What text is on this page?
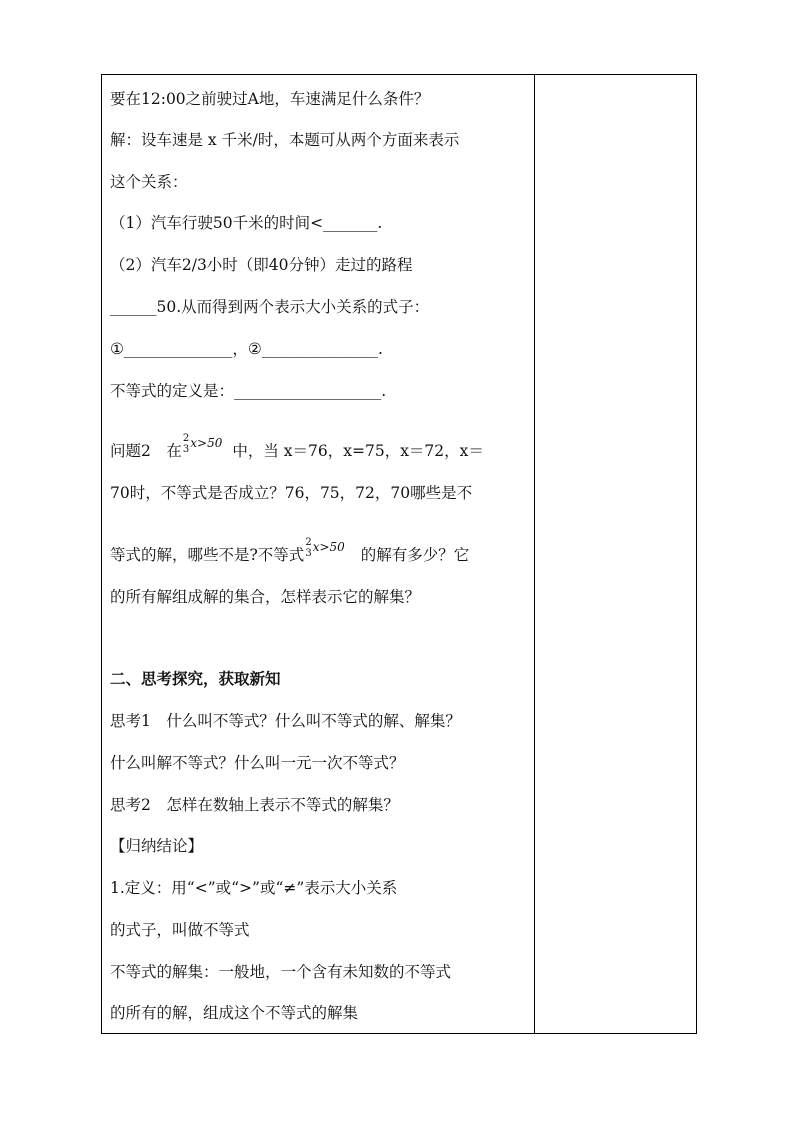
要在12:00之前驶过A地，车速满足什么条件？
解：设车速是 x 千米/时，本题可从两个方面来表示
这个关系：
（1）汽车行驶50千米的时间<_______.
（2）汽车2/3小时（即40分钟）走过的路程
______50.从而得到两个表示大小关系的式子：
①______________，②_______________.
不等式的定义是：___________________.
问题2　在
2
3 x>50 中，当 x＝76，x=75，x＝72，x＝
70时，不等式是否成立？76，75，72，70哪些是不
等式的解，哪些不是?不等式
2
3 x>50 的解有多少？它
的所有解组成解的集合，怎样表示它的解集？
二、思考探究，获取新知
思考1　什么叫不等式？什么叫不等式的解、解集？
什么叫解不等式？什么叫一元一次不等式？
思考2　怎样在数轴上表示不等式的解集？
【归纳结论】
1.定义：用“<”或“>”或“≠”表示大小关系
的式子，叫做不等式
不等式的解集：一般地，一个含有未知数的不等式
的所有的解，组成这个不等式的解集
